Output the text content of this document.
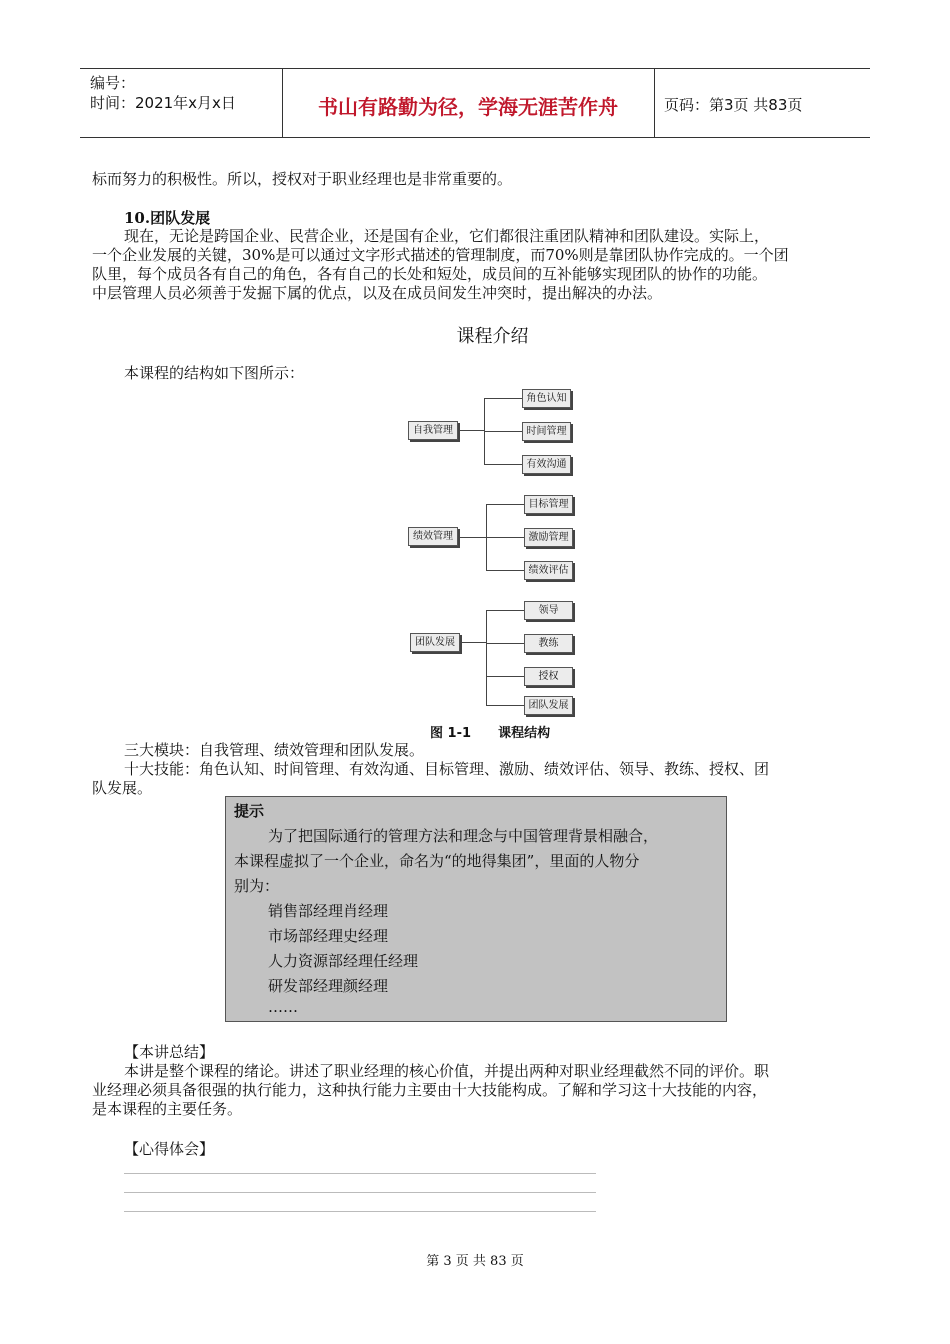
编号：
时间：2021年x月x日	书山有路勤为径，学海无涯苦作舟	页码：第3页 共83页
标而努力的积极性。所以，授权对于职业经理也是非常重要的。
10.团队发展
现在，无论是跨国企业、民营企业，还是国有企业，它们都很注重团队精神和团队建设。实际上，
一个企业发展的关键，30%是可以通过文字形式描述的管理制度，而70%则是靠团队协作完成的。一个团
队里，每个成员各有自己的角色，各有自己的长处和短处，成员间的互补能够实现团队的协作的功能。
中层管理人员必须善于发掘下属的优点，以及在成员间发生冲突时，提出解决的办法。
课程介绍
本课程的结构如下图所示：
自我管理
角色认知
时间管理
有效沟通
绩效管理
目标管理
激励管理
绩效评估
团队发展
领导
教练
授权
团队发展
图 1-1      课程结构
三大模块：自我管理、绩效管理和团队发展。
十大技能：角色认知、时间管理、有效沟通、目标管理、激励、绩效评估、领导、教练、授权、团
队发展。
提示
为了把国际通行的管理方法和理念与中国管理背景相融合，
本课程虚拟了一个企业，命名为“的地得集团”，里面的人物分
别为：
销售部经理肖经理
市场部经理史经理
人力资源部经理任经理
研发部经理颜经理
……
【本讲总结】
本讲是整个课程的绪论。讲述了职业经理的核心价值，并提出两种对职业经理截然不同的评价。职
业经理必须具备很强的执行能力，这种执行能力主要由十大技能构成。了解和学习这十大技能的内容，
是本课程的主要任务。
【心得体会】
第 3 页 共 83 页
